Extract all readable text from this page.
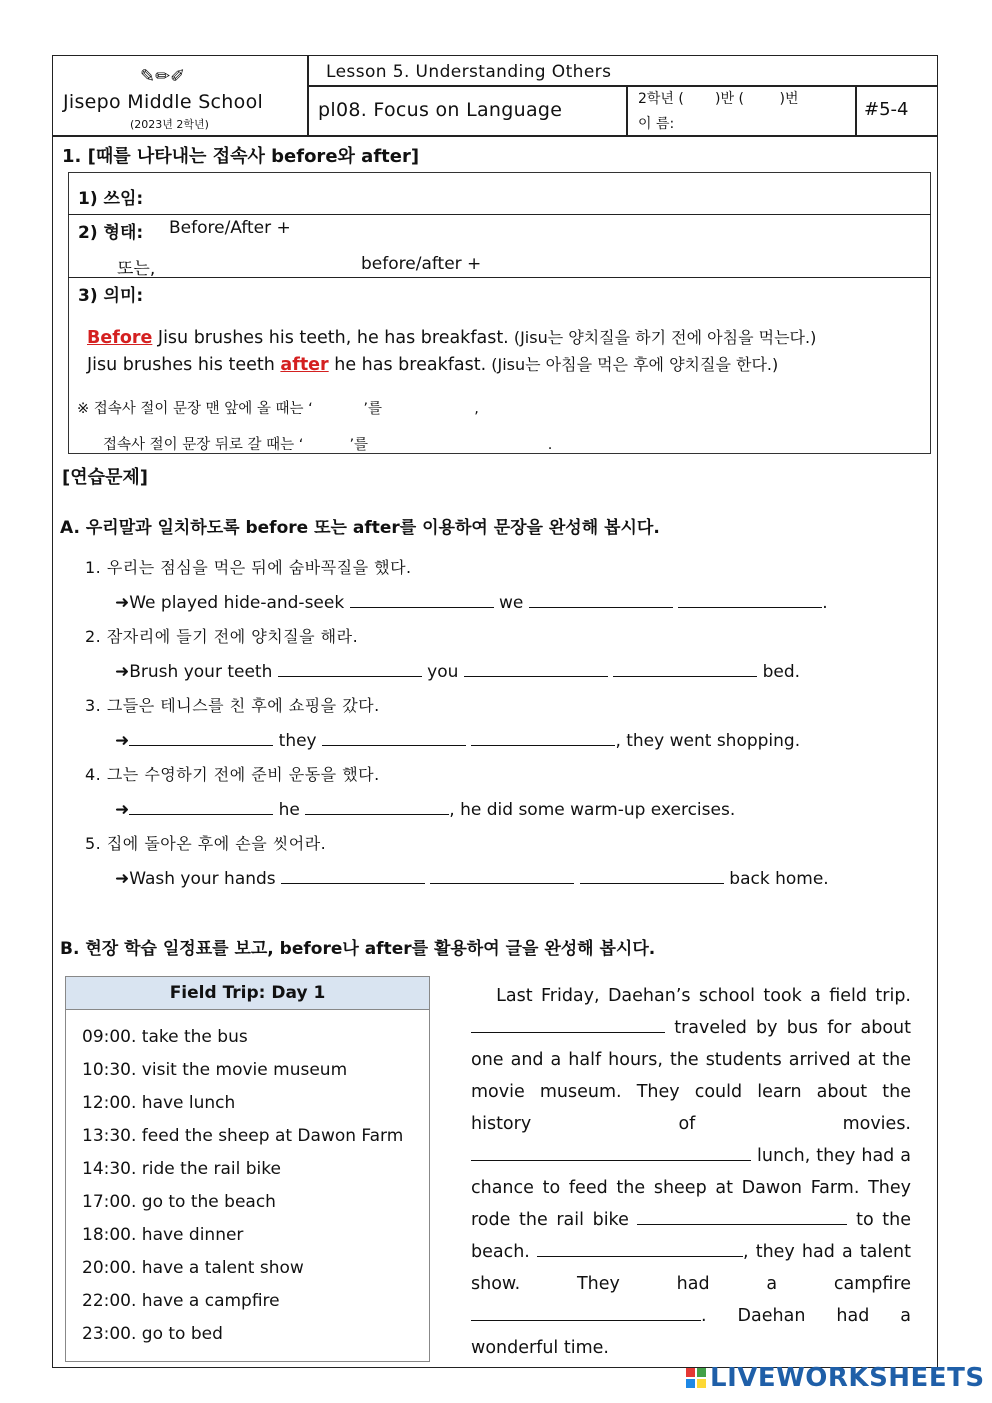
✎✏✐
Jisepo Middle School
(2023년 2학년)
Lesson 5. Understanding Others
pl08. Focus on Language	2학년 (       )반 (        )번
이 름:
#5-4
1. [때를 나타내는 접속사 before와 after]
1) 쓰임:
2) 형태: Before/After +
또는,	before/after +
3) 의미:
Before Jisu brushes his teeth, he has breakfast. (Jisu는 양치질을 하기 전에 아침을 먹는다.)
Jisu brushes his teeth after he has breakfast. (Jisu는 아침을 먹은 후에 양치질을 한다.)
※ 접속사 절이 문장 맨 앞에 올 때는 ‘           ’를                    ,
접속사 절이 문장 뒤로 갈 때는 ‘          ’를                                       .
[연습문제]
A. 우리말과 일치하도록 before 또는 after를 이용하여 문장을 완성해 봅시다.
1. 우리는 점심을 먹은 뒤에 숨바꼭질을 했다.
➜We played hide-and-seek	we	.
2. 잠자리에 들기 전에 양치질을 해라.
➜Brush your teeth	you	bed.
3. 그들은 테니스를 친 후에 쇼핑을 갔다.
➜	they	, they went shopping.
4. 그는 수영하기 전에 준비 운동을 했다.
➜	he	, he did some warm-up exercises.
5. 집에 돌아온 후에 손을 씻어라.
➜Wash your hands	back home.
B. 현장 학습 일정표를 보고, before나 after를 활용하여 글을 완성해 봅시다.
Field Trip: Day 1
09:00. take the bus
10:30. visit the movie museum
12:00. have lunch
13:30. feed the sheep at Dawon Farm
14:30. ride the rail bike
17:00. go to the beach
18:00. have dinner
20:00. have a talent show
22:00. have a campfire
23:00. go to bed
Last Friday, Daehan’s school took a field trip.  traveled by bus for about one and a half hours, the students arrived at the movie museum. They could learn about the history of movies.  lunch, they had a chance to feed the sheep at Dawon Farm. They rode the rail bike	to the beach.	, they had a talent show. They had a campfire . Daehan had a wonderful time.
LIVEWORKSHEETS
